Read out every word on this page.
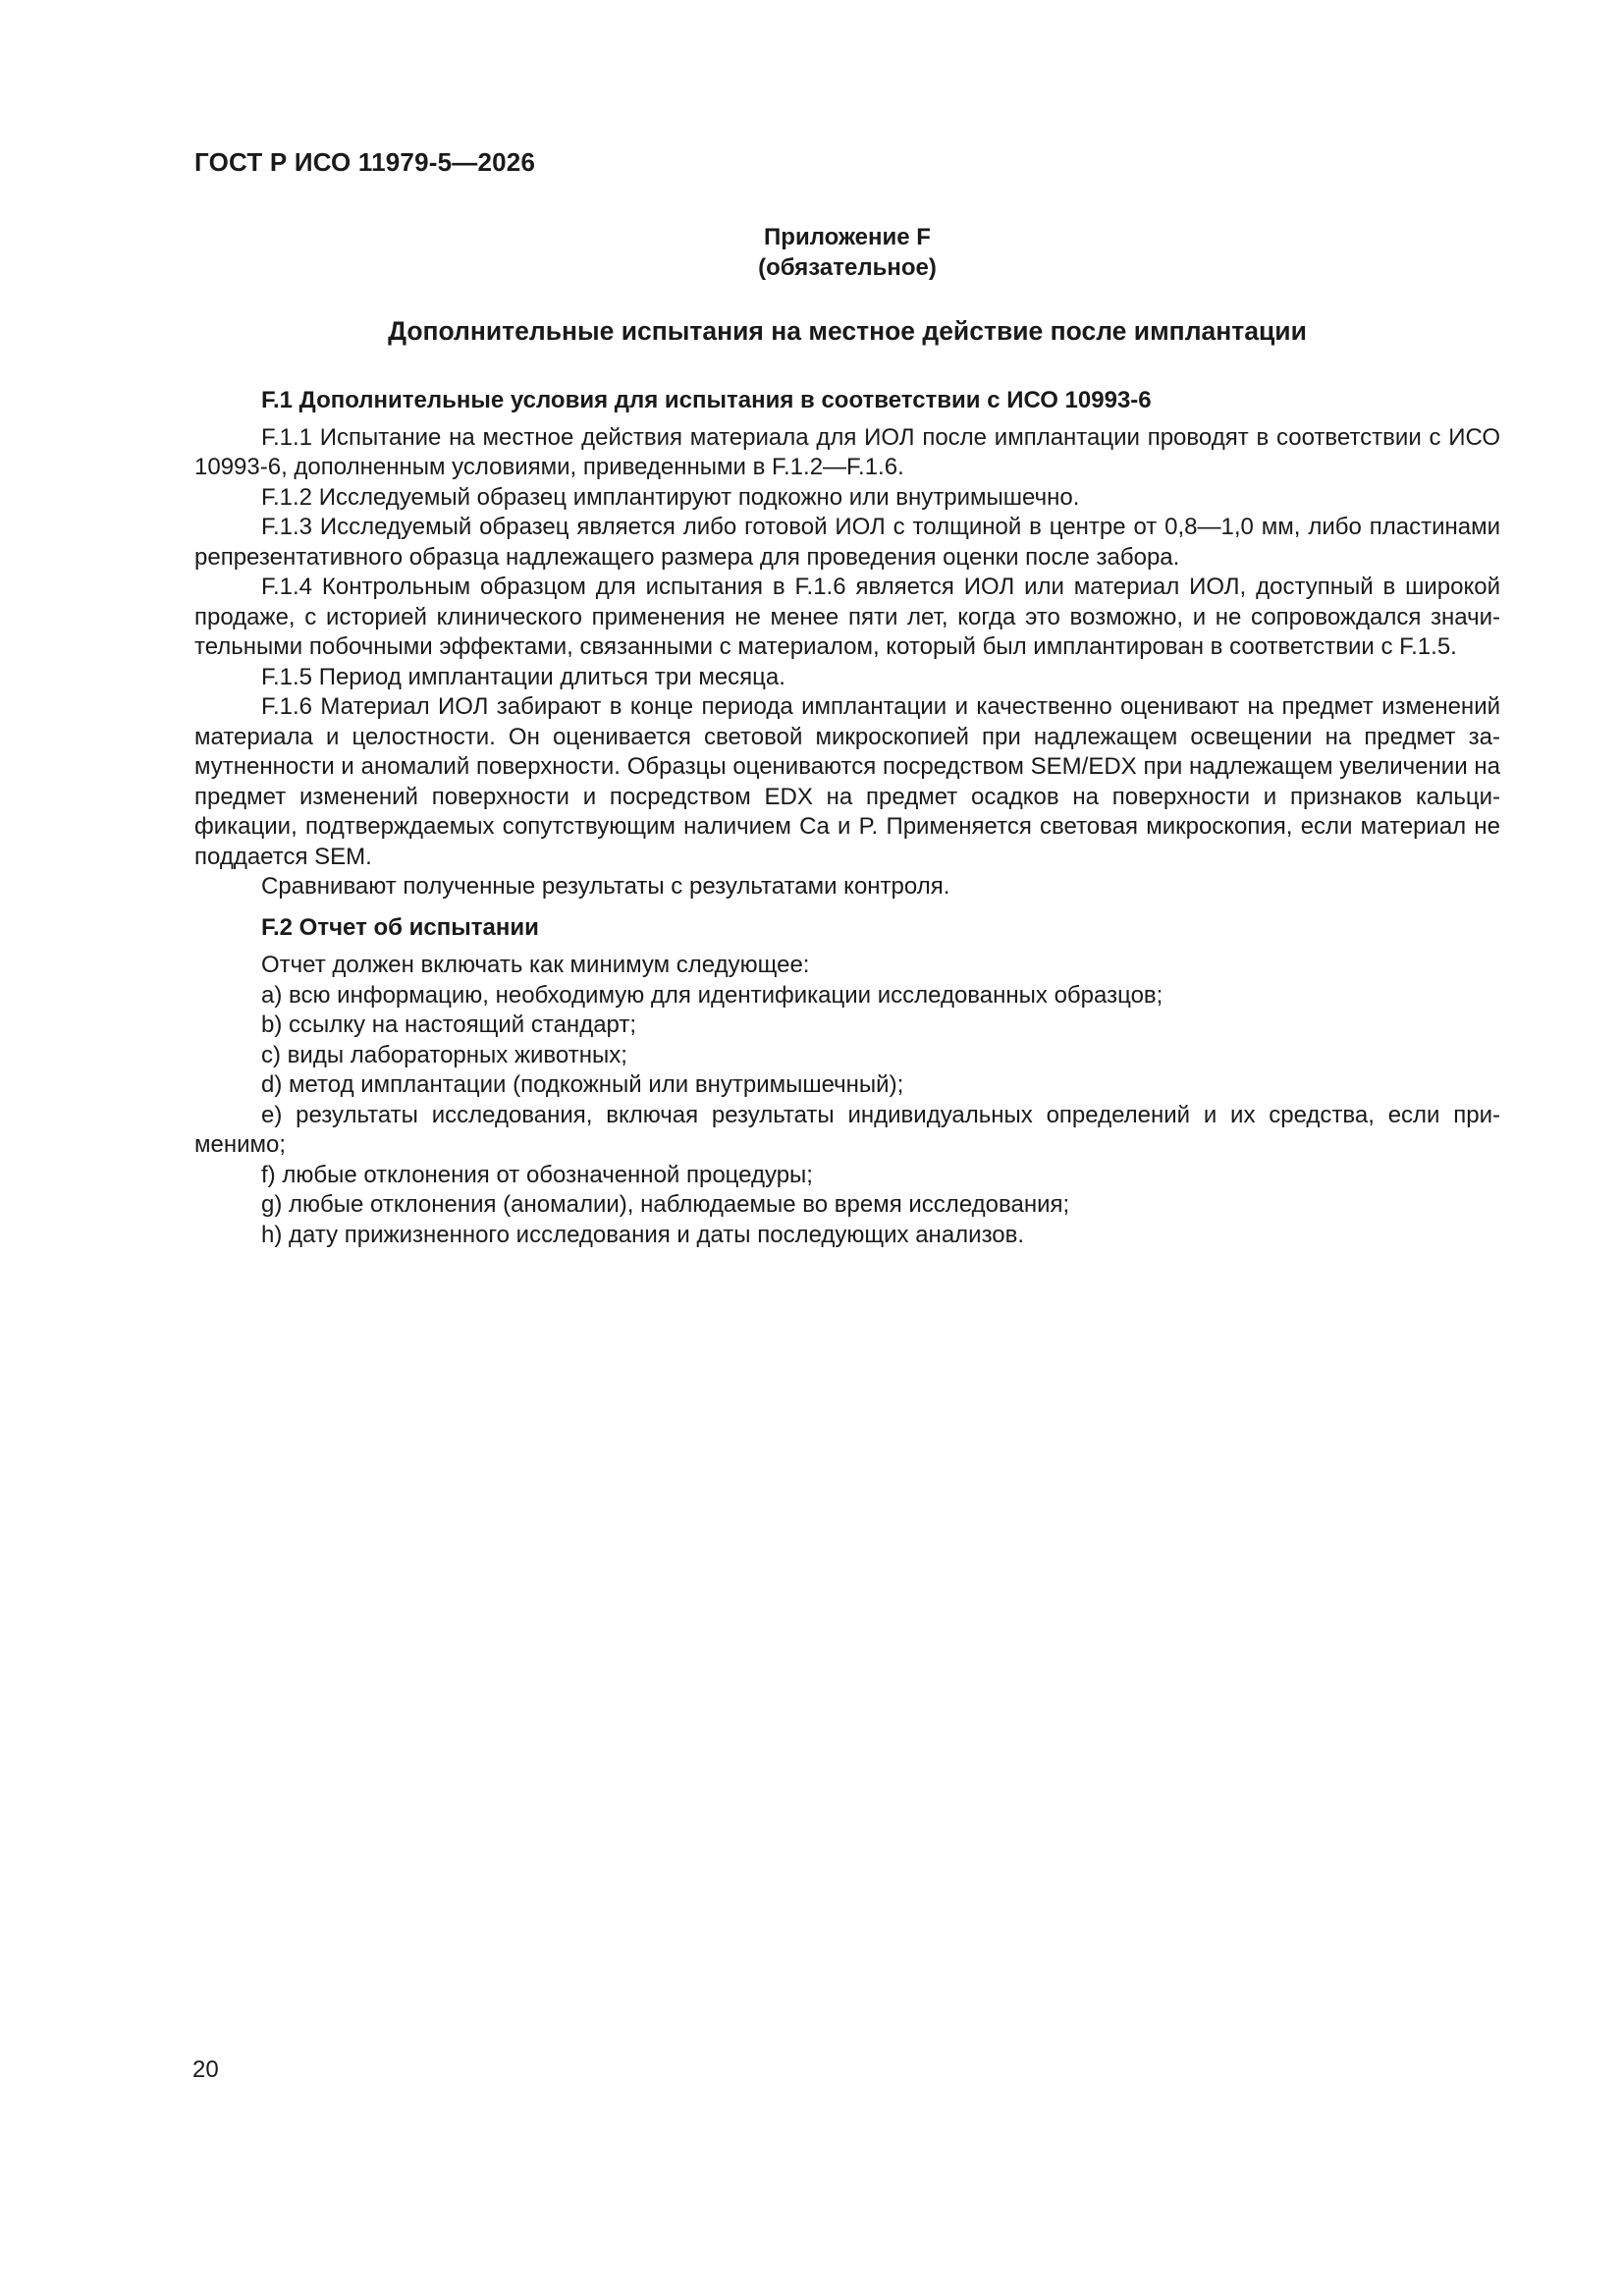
ГОСТ Р ИСО 11979-5—2026
Приложение F
(обязательное)
Дополнительные испытания на местное действие после имплантации
F.1 Дополнительные условия для испытания в соответствии с ИСО 10993-6

F.1.1 Испытание на местное действия материала для ИОЛ после имплантации проводят в соответствии с ИСО 10993-6, дополненным условиями, приведенными в F.1.2—F.1.6.

F.1.2 Исследуемый образец имплантируют подкожно или внутримышечно.

F.1.3 Исследуемый образец является либо готовой ИОЛ с толщиной в центре от 0,8—1,0 мм, либо пластинами репрезентативного образца надлежащего размера для проведения оценки после забора.

F.1.4 Контрольным образцом для испытания в F.1.6 является ИОЛ или материал ИОЛ, доступный в широкой продаже, с историей клинического применения не менее пяти лет, когда это возможно, и не сопровождался значительными побочными эффектами, связанными с материалом, который был имплантирован в соответствии с F.1.5.

F.1.5 Период имплантации длиться три месяца.

F.1.6 Материал ИОЛ забирают в конце периода имплантации и качественно оценивают на предмет изменений материала и целостности. Он оценивается световой микроскопией при надлежащем освещении на предмет замутненности и аномалий поверхности. Образцы оцениваются посредством SEM/EDX при надлежащем увеличении на предмет изменений поверхности и посредством EDX на предмет осадков на поверхности и признаков кальцификации, подтверждаемых сопутствующим наличием Ca и P. Применяется световая микроскопия, если материал не поддается SEM.

Сравнивают полученные результаты с результатами контроля.

F.2 Отчет об испытании

Отчет должен включать как минимум следующее:

a) всю информацию, необходимую для идентификации исследованных образцов;

b) ссылку на настоящий стандарт;

c) виды лабораторных животных;

d) метод имплантации (подкожный или внутримышечный);

e) результаты исследования, включая результаты индивидуальных определений и их средства, если применимо;

f) любые отклонения от обозначенной процедуры;

g) любые отклонения (аномалии), наблюдаемые во время исследования;

h) дату прижизненного исследования и даты последующих анализов.

20
